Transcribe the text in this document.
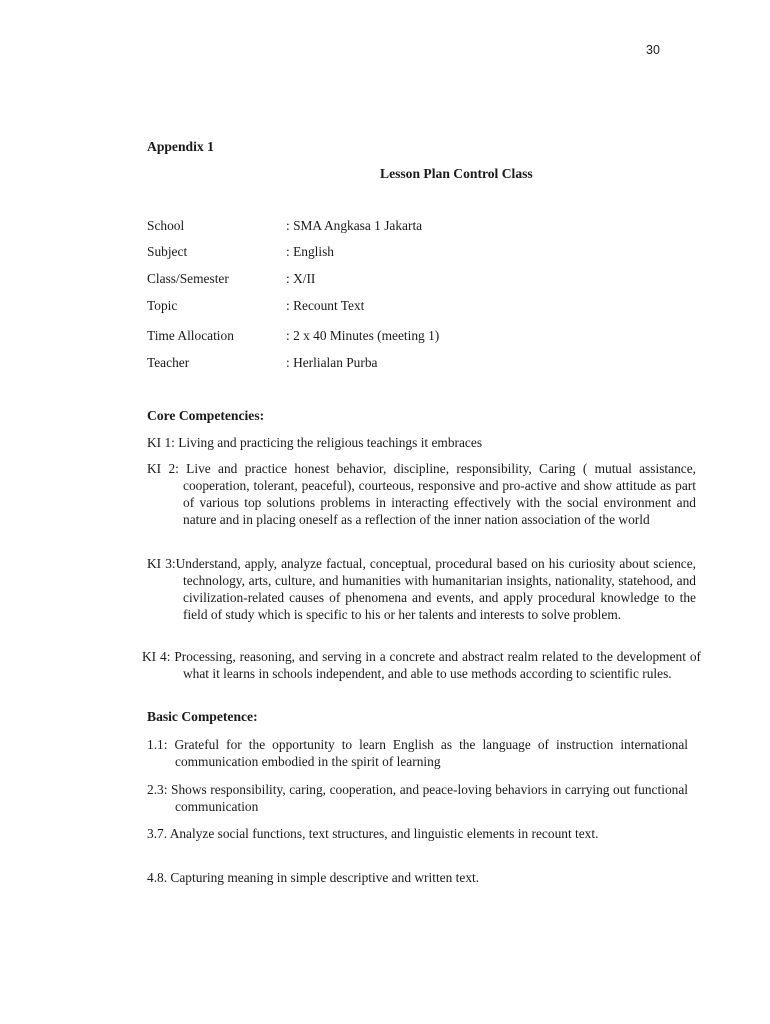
30
Appendix 1
Lesson Plan Control Class
School	: SMA Angkasa 1 Jakarta
Subject	: English
Class/Semester	: X/II
Topic	: Recount Text
Time Allocation	: 2 x 40 Minutes (meeting 1)
Teacher	: Herlialan Purba
Core Competencies:
KI 1: Living and practicing the religious teachings it embraces
KI 2: Live and practice honest behavior, discipline, responsibility, Caring ( mutual assistance, cooperation, tolerant, peaceful), courteous, responsive and pro-active and show attitude as part of various top solutions problems in interacting effectively with the social environment and nature and in placing oneself as a reflection of the inner nation association of the world
KI 3:Understand, apply, analyze factual, conceptual, procedural based on his curiosity about science, technology, arts, culture, and humanities with humanitarian insights, nationality, statehood, and civilization-related causes of phenomena and events, and apply procedural knowledge to the field of study which is specific to his or her talents and interests to solve problem.
KI 4: Processing, reasoning, and serving in a concrete and abstract realm related to the development of what it learns in schools independent, and able to use methods according to scientific rules.
Basic Competence:
1.1: Grateful for the opportunity to learn English as the language of instruction international communication embodied in the spirit of learning
2.3: Shows responsibility, caring, cooperation, and peace-loving behaviors in carrying out functional communication
3.7. Analyze social functions, text structures, and linguistic elements in recount text.
4.8. Capturing meaning in simple descriptive and written text.
